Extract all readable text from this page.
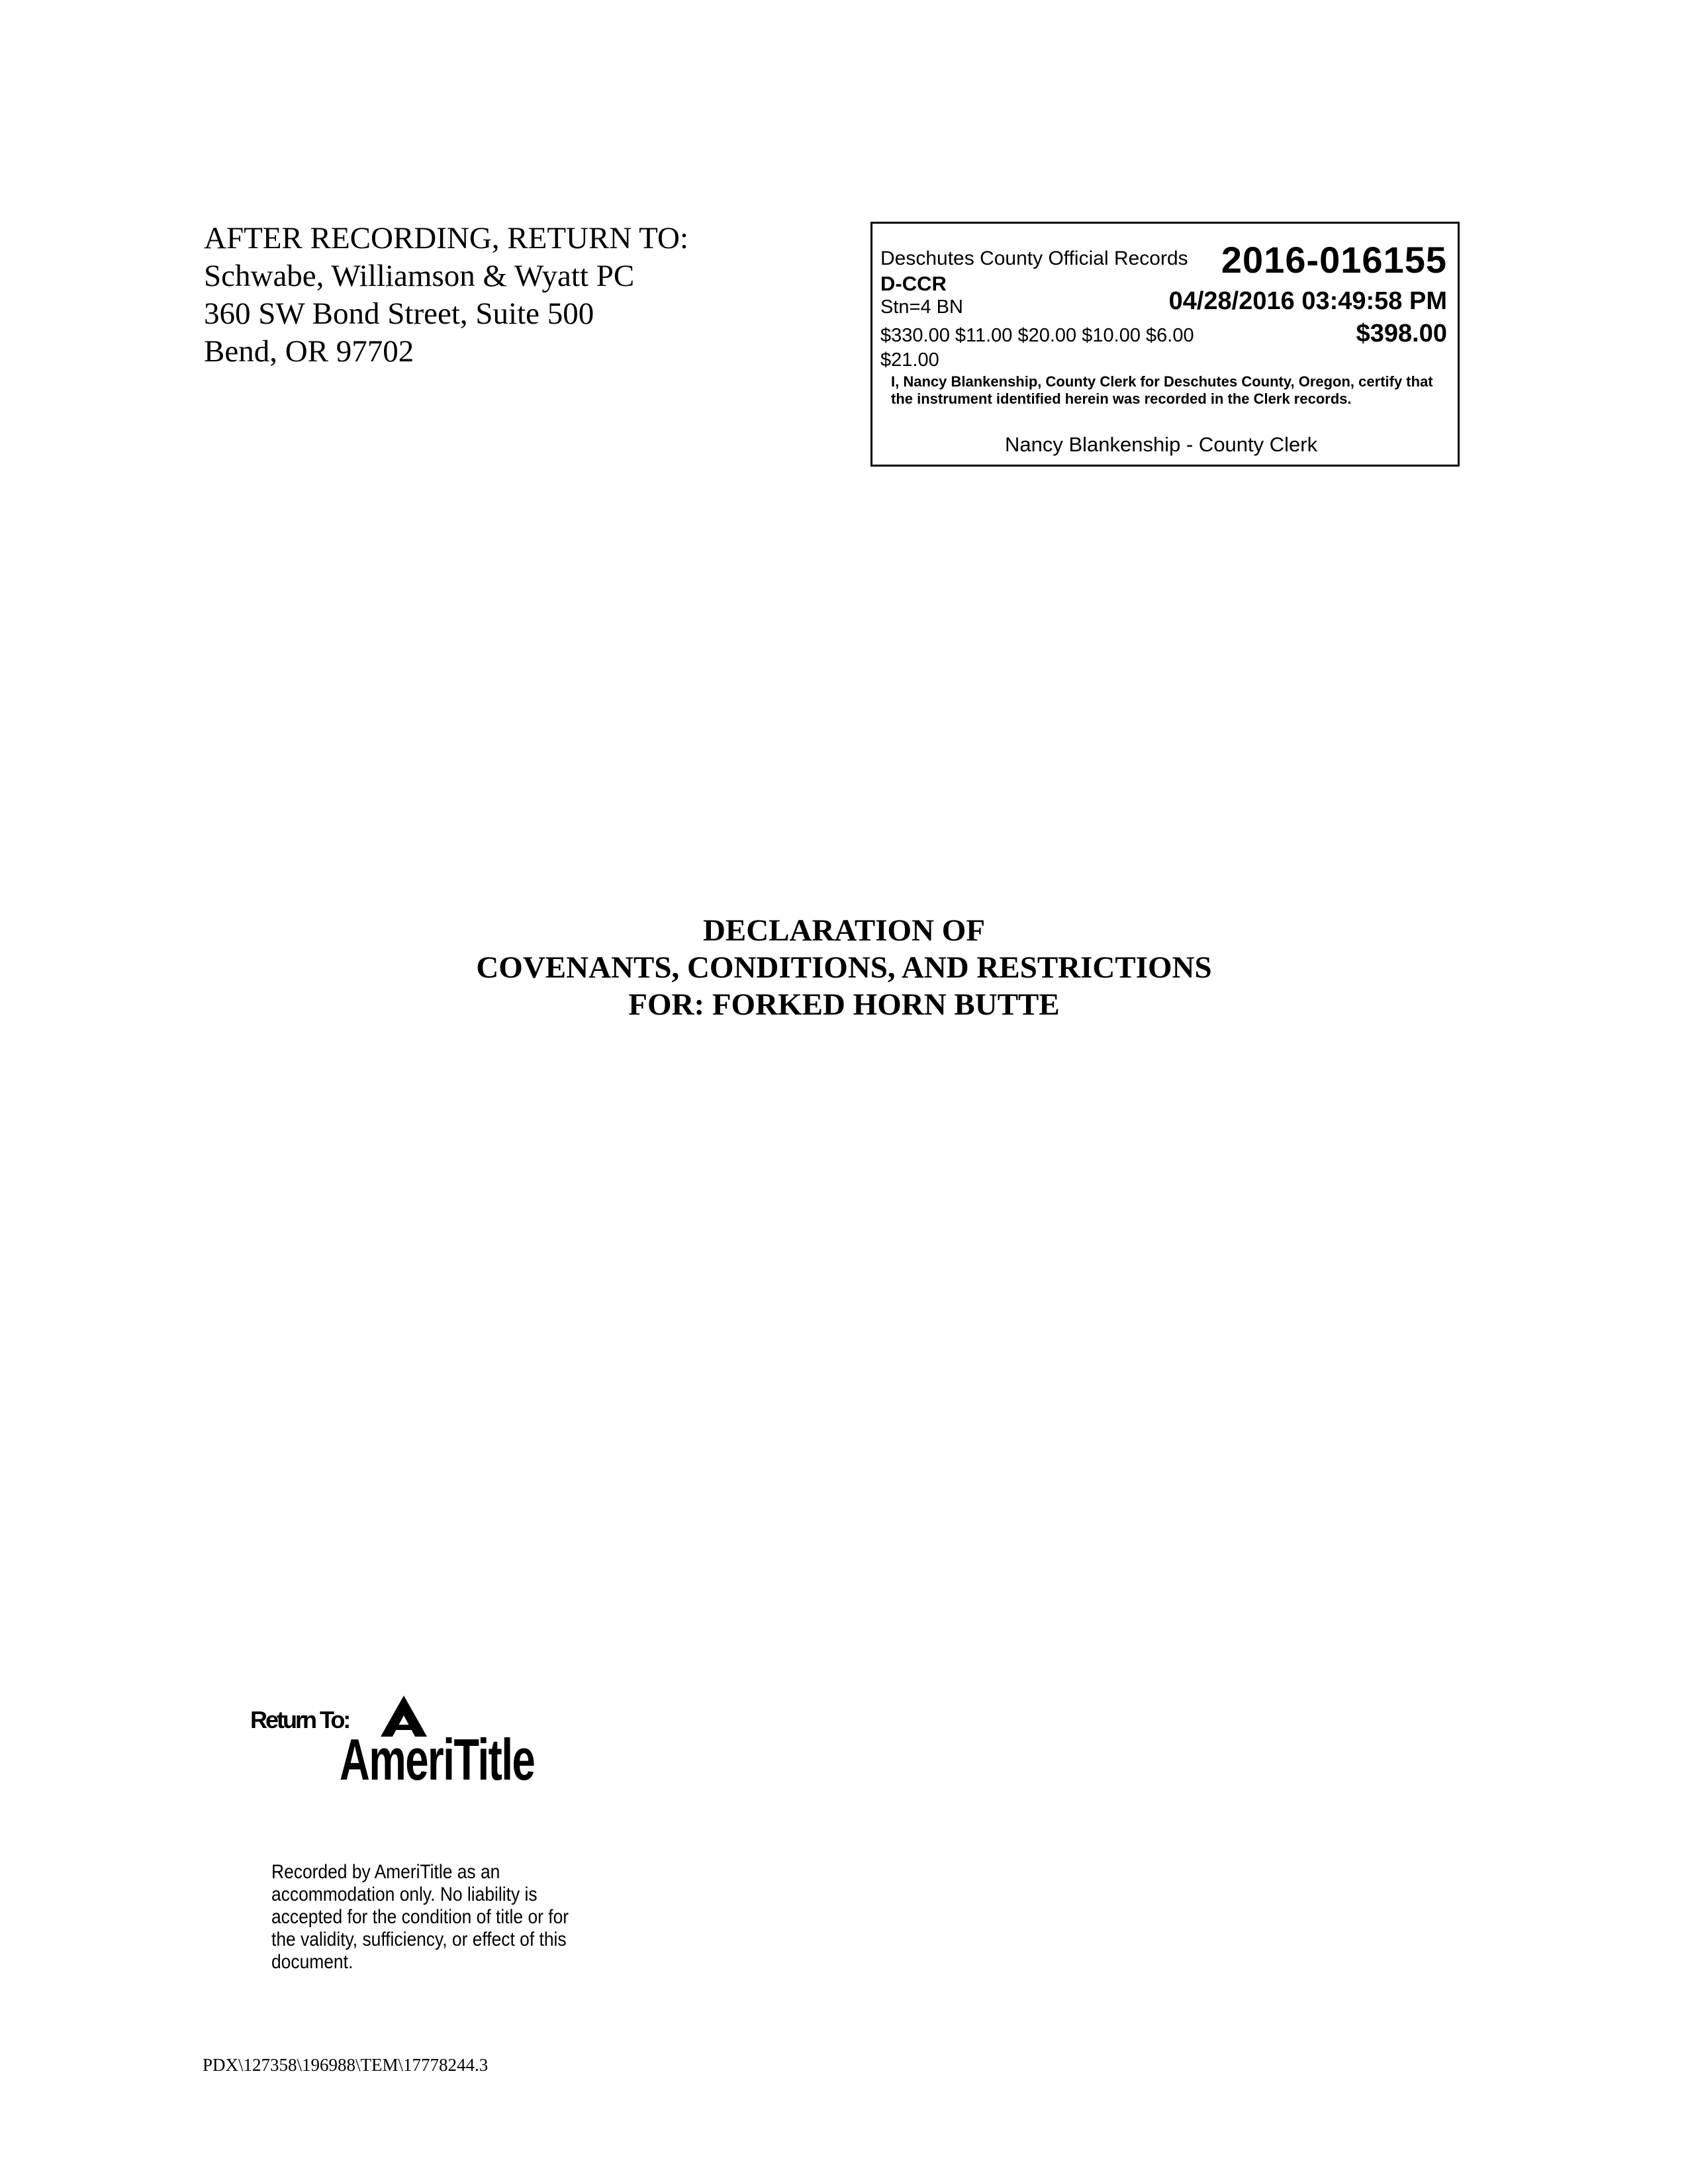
AFTER RECORDING, RETURN TO:
Schwabe, Williamson & Wyatt PC
360 SW Bond Street, Suite 500
Bend, OR 97702
Deschutes County Official Records 2016-016155
D-CCR
Stn=4 BN	04/28/2016 03:49:58 PM
$330.00 $11.00 $20.00 $10.00 $6.00	$398.00
$21.00
I, Nancy Blankenship, County Clerk for Deschutes County, Oregon, certify that the instrument identified herein was recorded in the Clerk records.
Nancy Blankenship - County Clerk
DECLARATION OF
COVENANTS, CONDITIONS, AND RESTRICTIONS
FOR: FORKED HORN BUTTE
Return To:
AmeriTitle
Recorded by AmeriTitle as an accommodation only. No liability is accepted for the condition of title or for the validity, sufficiency, or effect of this document.
PDX\127358\196988\TEM\17778244.3
